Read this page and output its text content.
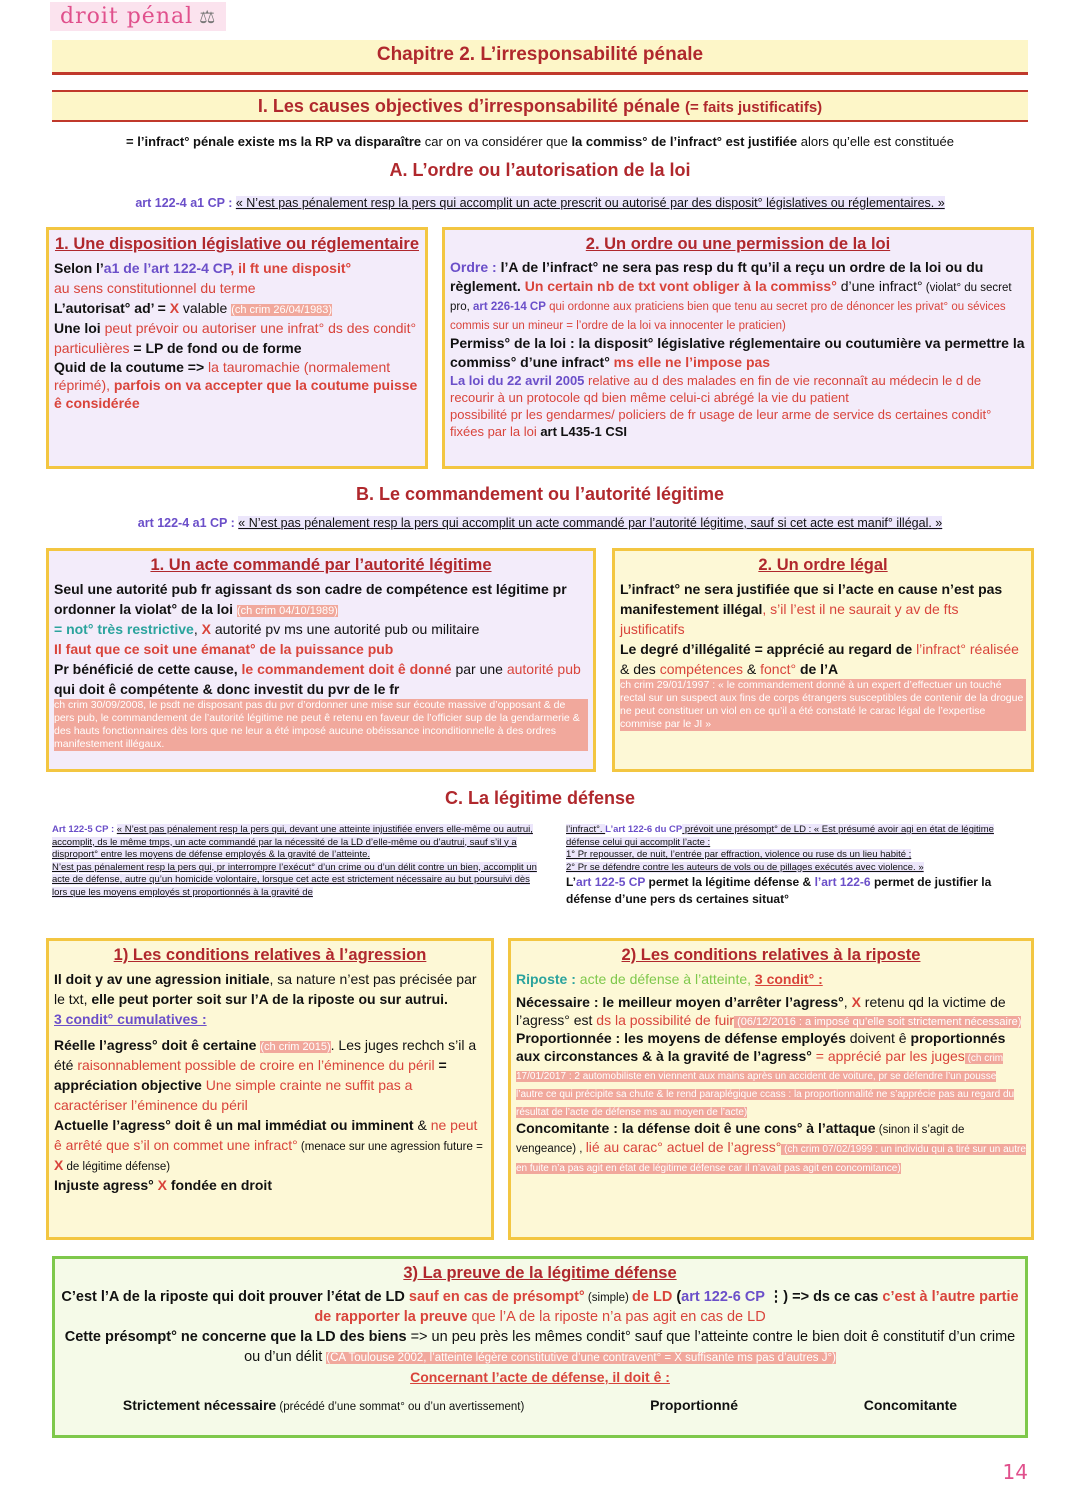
droit pénal ⚖
Chapitre 2. L’irresponsabilité pénale
I. Les causes objectives d’irresponsabilité pénale (= faits justificatifs)
= l’infract° pénale existe ms la RP va disparaître car on va considérer que la commiss° de l’infract° est justifiée alors qu’elle est constituée
A. L’ordre ou l’autorisation de la loi
art 122-4 a1 CP : « N’est pas pénalement resp la pers qui accomplit un acte prescrit ou autorisé par des disposit° législatives ou réglementaires. »
1. Une disposition législative ou réglementaire
Selon l’a1 de l’art 122-4 CP, il ft une disposit°
au sens constitutionnel du terme
L’autorisat° ad’ = X valable (ch crim 26/04/1983)
Une loi peut prévoir ou autoriser une infrat° ds des condit° particulières = LP de fond ou de forme
Quid de la coutume => la tauromachie (normalement réprimé), parfois on va accepter que la coutume puisse ê considérée
2. Un ordre ou une permission de la loi
Ordre : l’A de l’infract° ne sera pas resp du ft qu’il a reçu un ordre de la loi ou du règlement. Un certain nb de txt vont obliger à la commiss° d’une infract° (violat° du secret pro, art 226-14 CP qui ordonne aux praticiens bien que tenu au secret pro de dénoncer les privat° ou sévices commis sur un mineur = l’ordre de la loi va innocenter le praticien)
Permiss° de la loi : la disposit° législative réglementaire ou coutumière va permettre la commiss° d’une infract° ms elle ne l’impose pas
La loi du 22 avril 2005 relative au d des malades en fin de vie reconnaît au médecin le d de recourir à un protocole qd bien même celui-ci abrégé la vie du patient
possibilité pr les gendarmes/ policiers de fr usage de leur arme de service ds certaines condit° fixées par la loi art L435-1 CSI
B. Le commandement ou l’autorité légitime
art 122-4 a1 CP : « N’est pas pénalement resp la pers qui accomplit un acte commandé par l’autorité légitime, sauf si cet acte est manif° illégal. »
1. Un acte commandé par l’autorité légitime
Seul une autorité pub fr agissant ds son cadre de compétence est légitime pr ordonner la violat° de la loi (ch crim 04/10/1989)
= not° très restrictive, X autorité pv ms une autorité pub ou militaire
Il faut que ce soit une émanat° de la puissance pub
Pr bénéficié de cette cause, le commandement doit ê donné par une autorité pub qui doit ê compétente & donc investit du pvr de le fr
ch crim 30/09/2008, le psdt ne disposant pas du pvr d’ordonner une mise sur écoute massive d’opposant & de pers pub, le commandement de l’autorité légitime ne peut ê retenu en faveur de l’officier sup de la gendarmerie & des hauts fonctionnaires dès lors que ne leur a été imposé aucune obéissance inconditionnelle à des ordres manifestement illégaux.
2. Un ordre légal
L’infract° ne sera justifiée que si l’acte en cause n’est pas manifestement illégal, s’il l’est il ne saurait y av de fts justificatifs
Le degré d’illégalité = apprécié au regard de l’infract° réalisée & des compétences & fonct° de l’A
ch crim 29/01/1997 : « le commandement donné à un expert d’effectuer un touché rectal sur un suspect aux fins de corps étrangers susceptibles de contenir de la drogue ne peut constituer un viol en ce qu’il a été constaté le carac légal de l’expertise commise par le JI »
C. La légitime défense
Art 122-5 CP : « N’est pas pénalement resp la pers qui, devant une atteinte injustifiée envers elle-même ou autrui, accomplit, ds le même tmps, un acte commandé par la nécessité de la LD d’elle-même ou d’autrui, sauf s’il y a disproport° entre les moyens de défense employés & la gravité de l’atteinte.
N’est pas pénalement resp la pers qui, pr interrompre l’exécut° d’un crime ou d’un délit contre un bien, accomplit un acte de défense, autre qu’un homicide volontaire, lorsque cet acte est strictement nécessaire au but poursuivi dès lors que les moyens employés st proportionnés à la gravité de
l’infract°. L’art 122-6 du CP prévoit une présompt° de LD : « Est présumé avoir agi en état de légitime défense celui qui accomplit l’acte :
1° Pr repousser, de nuit, l’entrée par effraction, violence ou ruse ds un lieu habité ;
2° Pr se défendre contre les auteurs de vols ou de pillages exécutés avec violence. »
L’art 122-5 CP permet la légitime défense & l’art 122-6 permet de justifier la défense d’une pers ds certaines situat°
1) Les conditions relatives à l’agression
Il doit y av une agression initiale, sa nature n’est pas précisée par le txt, elle peut porter soit sur l’A de la riposte ou sur autrui.
3 condit° cumulatives :
Réelle l’agress° doit ê certaine (ch crim 2015). Les juges rechch s’il a été raisonnablement possible de croire en l’éminence du péril = appréciation objective Une simple crainte ne suffit pas a caractériser l’éminence du péril
Actuelle l’agress° doit ê un mal immédiat ou imminent & ne peut ê arrêté que s’il on commet une infract° (menace sur une agression future = X de légitime défense)
Injuste agress° X fondée en droit
2) Les conditions relatives à la riposte
Riposte : acte de défense à l’atteinte, 3 condit° :
Nécessaire : le meilleur moyen d’arrêter l’agress°, X retenu qd la victime de l’agress° est ds la possibilité de fuir (06/12/2016 : a imposé qu’elle soit strictement nécessaire)
Proportionnée : les moyens de défense employés doivent ê proportionnés aux circonstances & à la gravité de l’agress° = apprécié par les juges (ch crim 17/01/2017 : 2 automobiliste en viennent aux mains après un accident de voiture, pr se défendre l’un pousse l’autre ce qui précipite sa chute & le rend paraplégique ccass : la proportionnalité ne s’apprécie pas au regard du résultat de l’acte de défense ms au moyen de l’acte)
Concomitante : la défense doit ê une cons° à l’attaque (sinon il s’agit de vengeance) , lié au carac° actuel de l’agress° (ch crim 07/02/1999 : un individu qui a tiré sur un autre en fuite n’a pas agit en état de légitime défense car il n’avait pas agit en concomitance)
3) La preuve de la légitime défense
C’est l’A de la riposte qui doit prouver l’état de LD sauf en cas de présompt° (simple) de LD (art 122-6 CP ⋮) => ds ce cas c’est à l’autre partie de rapporter la preuve que l’A de la riposte n’a pas agit en cas de LD
Cette présompt° ne concerne que la LD des biens => un peu près les mêmes condit° sauf que l’atteinte contre le bien doit ê constitutif d’un crime ou d’un délit (CA Toulouse 2002, l’atteinte légère constitutive d’une contravent° = X suffisante ms pas d’autres J°)
Concernant l’acte de défense, il doit ê :
Strictement nécessaire (précédé d’une sommat° ou d’un avertissement)	Proportionné	Concomitante
14
